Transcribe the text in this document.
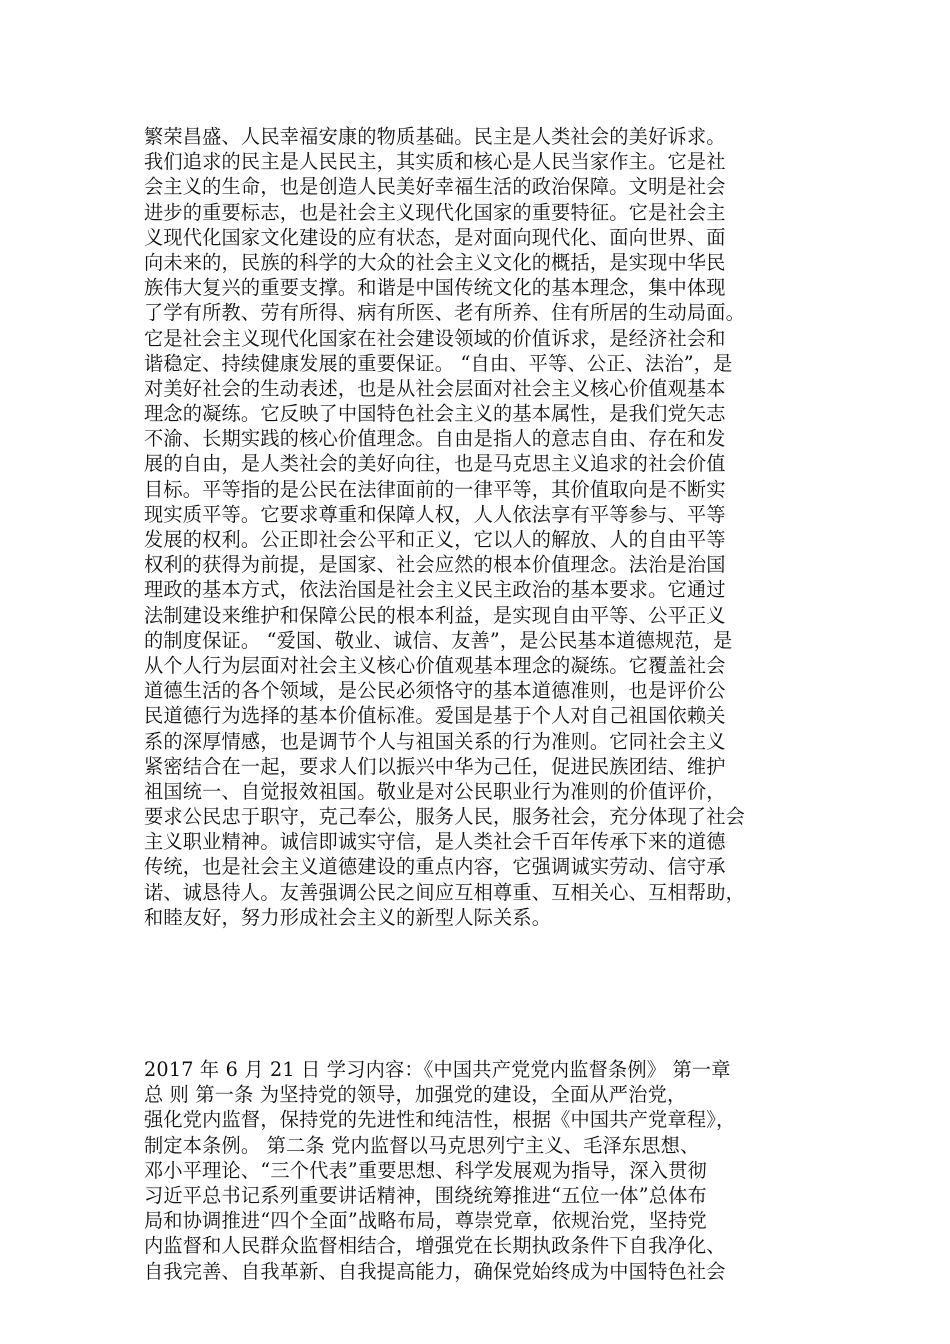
繁荣昌盛、人民幸福安康的物质基础。民主是人类社会的美好诉求。
我们追求的民主是人民民主，其实质和核心是人民当家作主。它是社
会主义的生命，也是创造人民美好幸福生活的政治保障。文明是社会
进步的重要标志，也是社会主义现代化国家的重要特征。它是社会主
义现代化国家文化建设的应有状态，是对面向现代化、面向世界、面
向未来的，民族的科学的大众的社会主义文化的概括，是实现中华民
族伟大复兴的重要支撑。和谐是中国传统文化的基本理念，集中体现
了学有所教、劳有所得、病有所医、老有所养、住有所居的生动局面。
它是社会主义现代化国家在社会建设领域的价值诉求，是经济社会和
谐稳定、持续健康发展的重要保证。 “自由、平等、公正、法治”，是
对美好社会的生动表述，也是从社会层面对社会主义核心价值观基本
理念的凝练。它反映了中国特色社会主义的基本属性，是我们党矢志
不渝、长期实践的核心价值理念。自由是指人的意志自由、存在和发
展的自由，是人类社会的美好向往，也是马克思主义追求的社会价值
目标。平等指的是公民在法律面前的一律平等，其价值取向是不断实
现实质平等。它要求尊重和保障人权，人人依法享有平等参与、平等
发展的权利。公正即社会公平和正义，它以人的解放、人的自由平等
权利的获得为前提，是国家、社会应然的根本价值理念。法治是治国
理政的基本方式，依法治国是社会主义民主政治的基本要求。它通过
法制建设来维护和保障公民的根本利益，是实现自由平等、公平正义
的制度保证。 “爱国、敬业、诚信、友善”，是公民基本道德规范，是
从个人行为层面对社会主义核心价值观基本理念的凝练。它覆盖社会
道德生活的各个领域，是公民必须恪守的基本道德准则，也是评价公
民道德行为选择的基本价值标准。爱国是基于个人对自己祖国依赖关
系的深厚情感，也是调节个人与祖国关系的行为准则。它同社会主义
紧密结合在一起，要求人们以振兴中华为己任，促进民族团结、维护
祖国统一、自觉报效祖国。敬业是对公民职业行为准则的价值评价，
要求公民忠于职守，克己奉公，服务人民，服务社会，充分体现了社会
主义职业精神。诚信即诚实守信，是人类社会千百年传承下来的道德
传统，也是社会主义道德建设的重点内容，它强调诚实劳动、信守承
诺、诚恳待人。友善强调公民之间应互相尊重、互相关心、互相帮助，
和睦友好，努力形成社会主义的新型人际关系。
2017 年 6 月 21 日 学习内容：《中国共产党党内监督条例》 第一章
总 则 第一条 为坚持党的领导，加强党的建设，全面从严治党，
强化党内监督，保持党的先进性和纯洁性，根据《中国共产党章程》，
制定本条例。 第二条 党内监督以马克思列宁主义、毛泽东思想、
邓小平理论、“三个代表”重要思想、科学发展观为指导，深入贯彻
习近平总书记系列重要讲话精神，围绕统筹推进“五位一体”总体布
局和协调推进“四个全面”战略布局，尊崇党章，依规治党，坚持党
内监督和人民群众监督相结合，增强党在长期执政条件下自我净化、
自我完善、自我革新、自我提高能力，确保党始终成为中国特色社会
